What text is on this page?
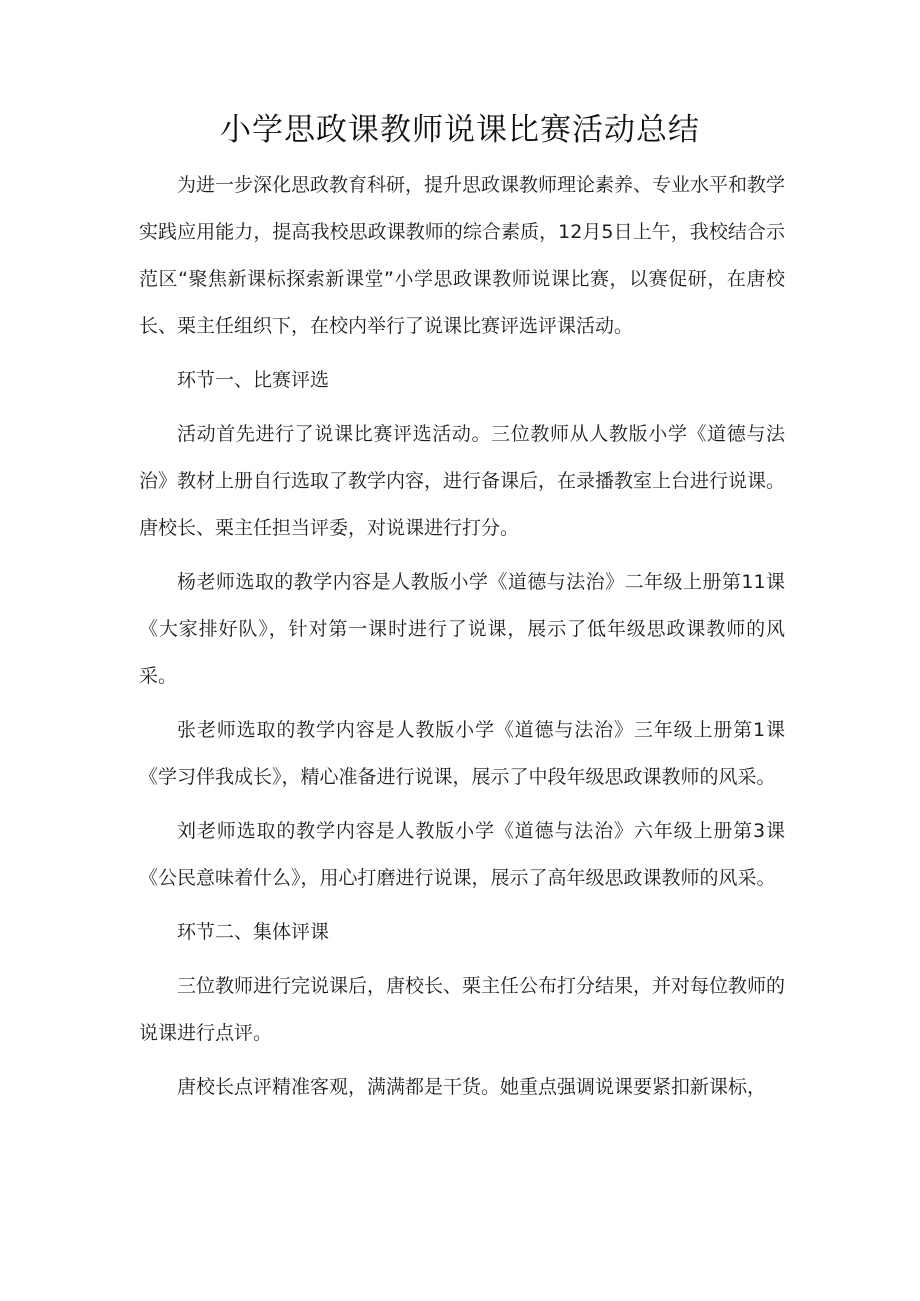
小学思政课教师说课比赛活动总结

为进一步深化思政教育科研，提升思政课教师理论素养、专业水平和教学实践应用能力，提高我校思政课教师的综合素质，12月5日上午，我校结合示范区“聚焦新课标探索新课堂”小学思政课教师说课比赛，以赛促研，在唐校长、栗主任组织下，在校内举行了说课比赛评选评课活动。

环节一、比赛评选

活动首先进行了说课比赛评选活动。三位教师从人教版小学《道德与法治》教材上册自行选取了教学内容，进行备课后，在录播教室上台进行说课。唐校长、栗主任担当评委，对说课进行打分。

杨老师选取的教学内容是人教版小学《道德与法治》二年级上册第11课《大家排好队》，针对第一课时进行了说课，展示了低年级思政课教师的风采。

张老师选取的教学内容是人教版小学《道德与法治》三年级上册第1课《学习伴我成长》，精心准备进行说课，展示了中段年级思政课教师的风采。

刘老师选取的教学内容是人教版小学《道德与法治》六年级上册第3课《公民意味着什么》，用心打磨进行说课，展示了高年级思政课教师的风采。

环节二、集体评课

三位教师进行完说课后，唐校长、栗主任公布打分结果，并对每位教师的说课进行点评。

唐校长点评精准客观，满满都是干货。她重点强调说课要紧扣新课标，
